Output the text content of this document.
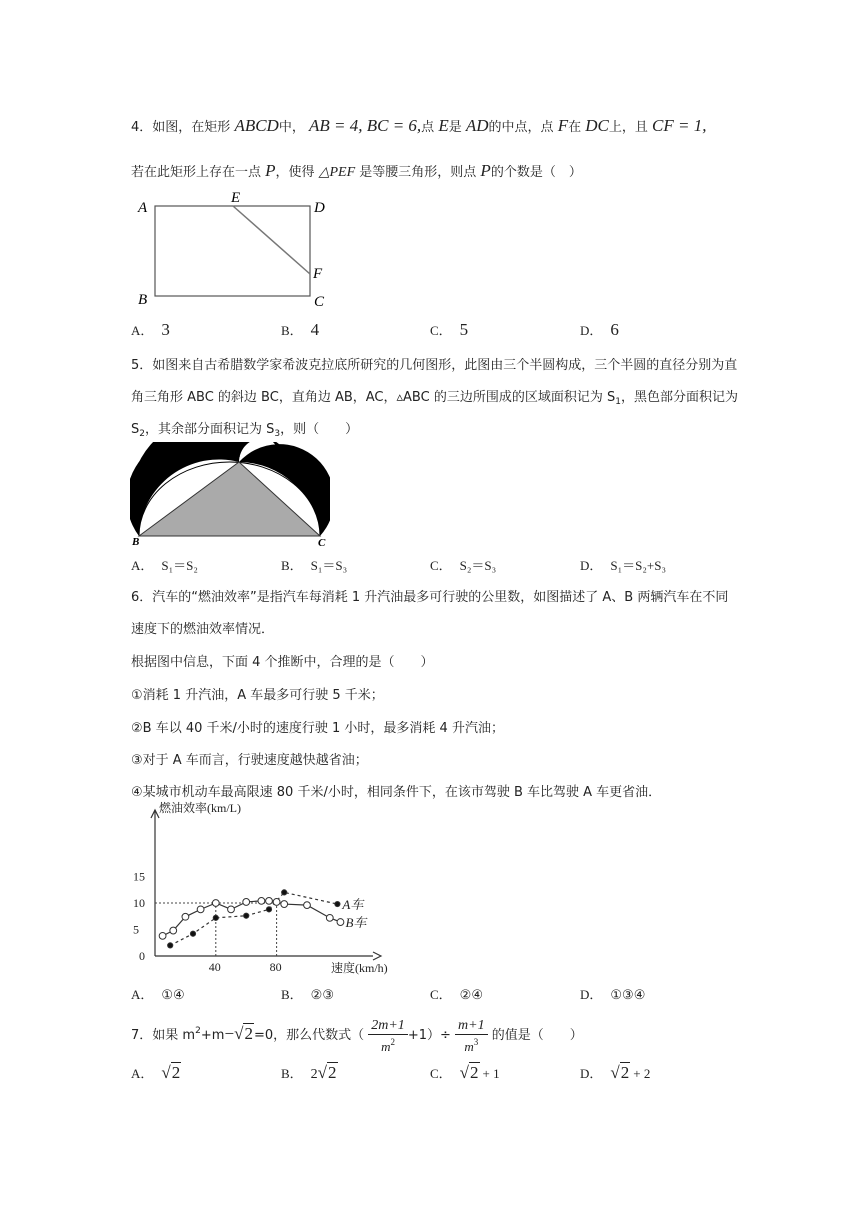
4．如图，在矩形 ABCD中， AB = 4, BC = 6,点 E是 AD的中点，点 F在 DC上，且 CF = 1,
若在此矩形上存在一点 P，使得 △PEF 是等腰三角形，则点 P的个数是（　）
A
E
D
F
B	C
A． 3	B． 4	C． 5	D． 6
5．如图来自古希腊数学家希波克拉底所研究的几何图形，此图由三个半圆构成，三个半圆的直径分别为直
角三角形 ABC 的斜边 BC，直角边 AB，AC，▵ABC 的三边所围成的区域面积记为 $S_1$，黑色部分面积记为
$S_2$，其余部分面积记为 $S_3$，则（　　）
A
B	C
A． S₁＝S₂	B． S₁＝S₃	C． S₂＝S₃	D． S₁＝S₂+S₃
6．汽车的“燃油效率”是指汽车每消耗 1 升汽油最多可行驶的公里数，如图描述了 A、B 两辆汽车在不同
速度下的燃油效率情况．
根据图中信息，下面 4 个推断中，合理的是（　　）
①消耗 1 升汽油，A 车最多可行驶 5 千米；
②B 车以 40 千米/小时的速度行驶 1 小时，最多消耗 4 升汽油；
③对于 A 车而言，行驶速度越快越省油；
④某城市机动车最高限速 80 千米/小时，相同条件下，在该市驾驶 B 车比驾驶 A 车更省油．
燃油效率(km/L)
速度(km/h)
0
5
10
15
40	80
A车
B车
A． ①④	B． ②③	C． ②④	D． ①③④
7．如果 $m^2+m -√2=0$，那么代数式（ $\frac{2m+1}{m^2} +1)\div \frac{m+1}{m^3}$ 的值是（　　）
A． √2	B． 2√2	C． √2 + 1	D． √2 + 2
